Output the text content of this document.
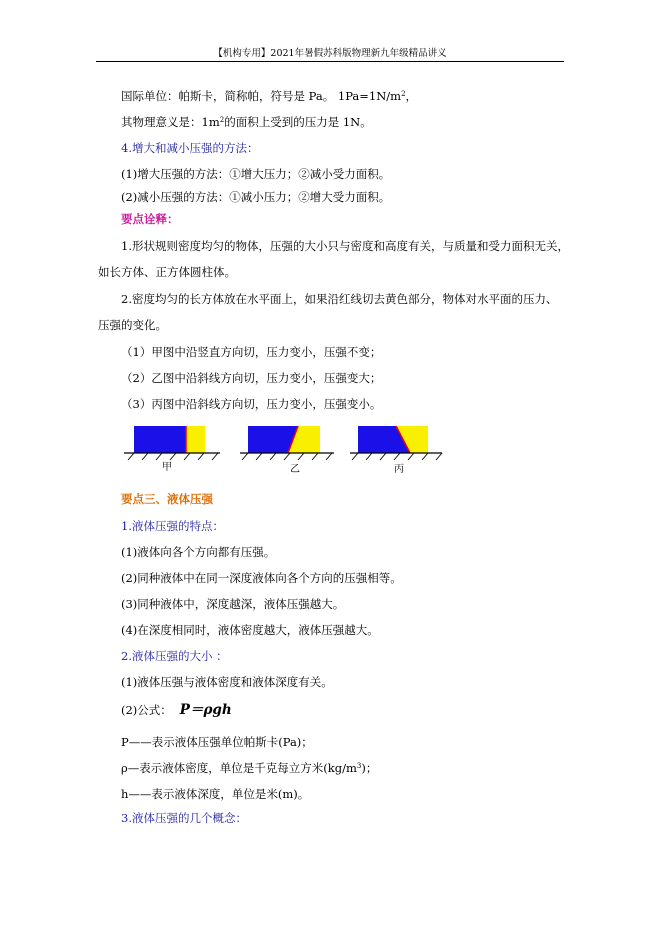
【机构专用】2021年暑假苏科版物理新九年级精品讲义
国际单位：帕斯卡，简称帕，符号是 Pa。 $1Pa=1N/m^2$，
其物理意义是：$1m^2$的面积上受到的压力是 1N。
4.增大和减小压强的方法：
(1)增大压强的方法：①增大压力；②减小受力面积。
(2)减小压强的方法：①减小压力；②增大受力面积。
要点诠释：
1.形状规则密度均匀的物体，压强的大小只与密度和高度有关，与质量和受力面积无关，
如长方体、正方体圆柱体。
2.密度均匀的长方体放在水平面上，如果沿红线切去黄色部分，物体对水平面的压力、
压强的变化。
（1）甲图中沿竖直方向切，压力变小，压强不变；
（2）乙图中沿斜线方向切，压力变小，压强变大；
（3）丙图中沿斜线方向切，压力变小，压强变小。
甲	乙	丙
要点三、液体压强
1.液体压强的特点：
(1)液体向各个方向都有压强。
(2)同种液体中在同一深度液体向各个方向的压强相等。
(3)同种液体中，深度越深，液体压强越大。
(4)在深度相同时，液体密度越大，液体压强越大。
2.液体压强的大小 ：
(1)液体压强与液体密度和液体深度有关。
(2)公式： P＝ρgh
P——表示液体压强单位帕斯卡(Pa)；
ρ—表示液体密度，单位是千克每立方米$(kg/m^3)$；
h——表示液体深度，单位是米(m)。
3.液体压强的几个概念：
